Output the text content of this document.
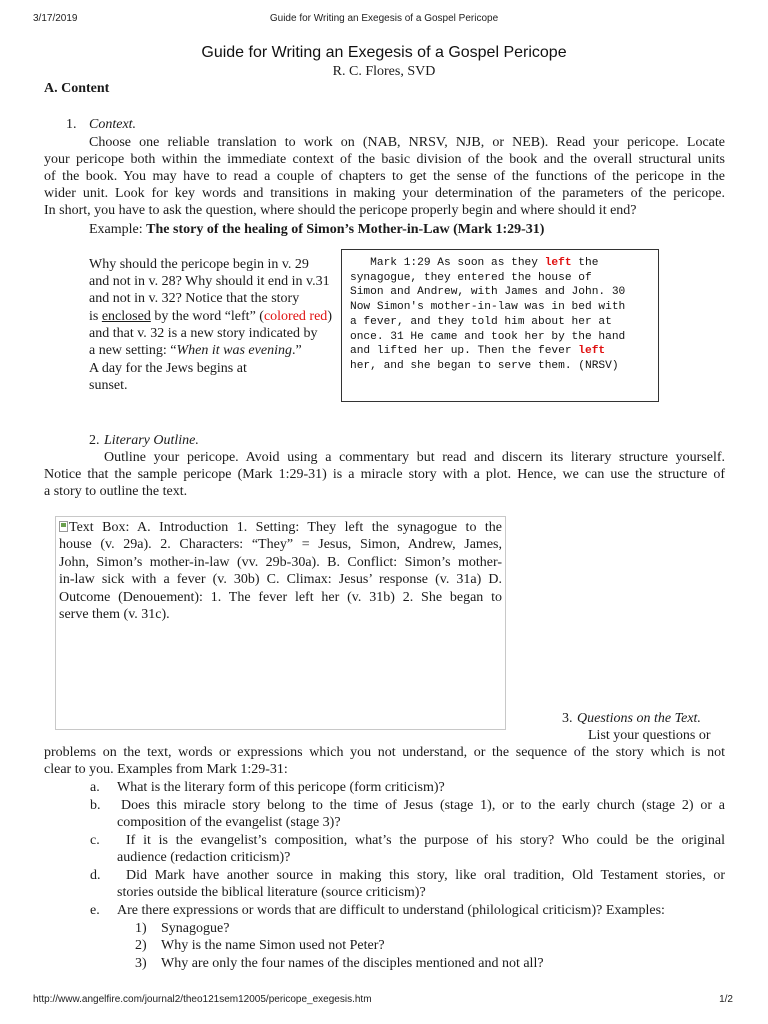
3/17/2019	Guide for Writing an Exegesis of a Gospel Pericope
Guide for Writing an Exegesis of a Gospel Pericope
R. C. Flores, SVD
A. Content
1. Context.
Choose one reliable translation to work on (NAB, NRSV, NJB, or NEB). Read your pericope. Locate
your pericope both within the immediate context of the basic division of the book and the overall structural units
of the book. You may have to read a couple of chapters to get the sense of the functions of the pericope in the
wider unit. Look for key words and transitions in making your determination of the parameters of the pericope.
In short, you have to ask the question, where should the pericope properly begin and where should it end?
Example: The story of the healing of Simon’s Mother-in-Law (Mark 1:29-31)
Why should the pericope begin in v. 29
and not in v. 28? Why should it end in v.31
and not in v. 32? Notice that the story
is enclosed by the word “left” (colored red)
and that v. 32 is a new story indicated by
a new setting: “When it was evening.”
A day for the Jews begins at
sunset.
Mark 1:29 As soon as they left the
synagogue, they entered the house of
Simon and Andrew, with James and John. 30
Now Simon's mother-in-law was in bed with
a fever, and they told him about her at
once. 31 He came and took her by the hand
and lifted her up. Then the fever left
her, and she began to serve them. (NRSV)
2. Literary Outline.
Outline your pericope. Avoid using a commentary but read and discern its literary structure yourself.
Notice that the sample pericope (Mark 1:29-31) is a miracle story with a plot. Hence, we can use the structure of
a story to outline the text.
Text Box: A. Introduction 1. Setting: They left the synagogue to the
house (v. 29a). 2. Characters: “They” = Jesus, Simon, Andrew, James,
John, Simon’s mother-in-law (vv. 29b-30a). B. Conflict: Simon’s mother-
in-law sick with a fever (v. 30b) C. Climax: Jesus’ response (v. 31a) D.
Outcome (Denouement): 1. The fever left her (v. 31b) 2. She began to
serve them (v. 31c).
3. Questions on the Text.
List your questions or
problems on the text, words or expressions which you not understand, or the sequence of the story which is not
clear to you. Examples from Mark 1:29-31:
a. What is the literary form of this pericope (form criticism)?
b. Does this miracle story belong to the time of Jesus (stage 1), or to the early church (stage 2) or a
composition of the evangelist (stage 3)?
c.	If it is the evangelist’s composition, what’s the purpose of his story? Who could be the original
audience (redaction criticism)?
d.	Did Mark have another source in making this story, like oral tradition, Old Testament stories, or
stories outside the biblical literature (source criticism)?
e. Are there expressions or words that are difficult to understand (philological criticism)? Examples:
1) Synagogue?
2) Why is the name Simon used not Peter?
3) Why are only the four names of the disciples mentioned and not all?
http://www.angelfire.com/journal2/theo121sem12005/pericope_exegesis.htm	1/2
